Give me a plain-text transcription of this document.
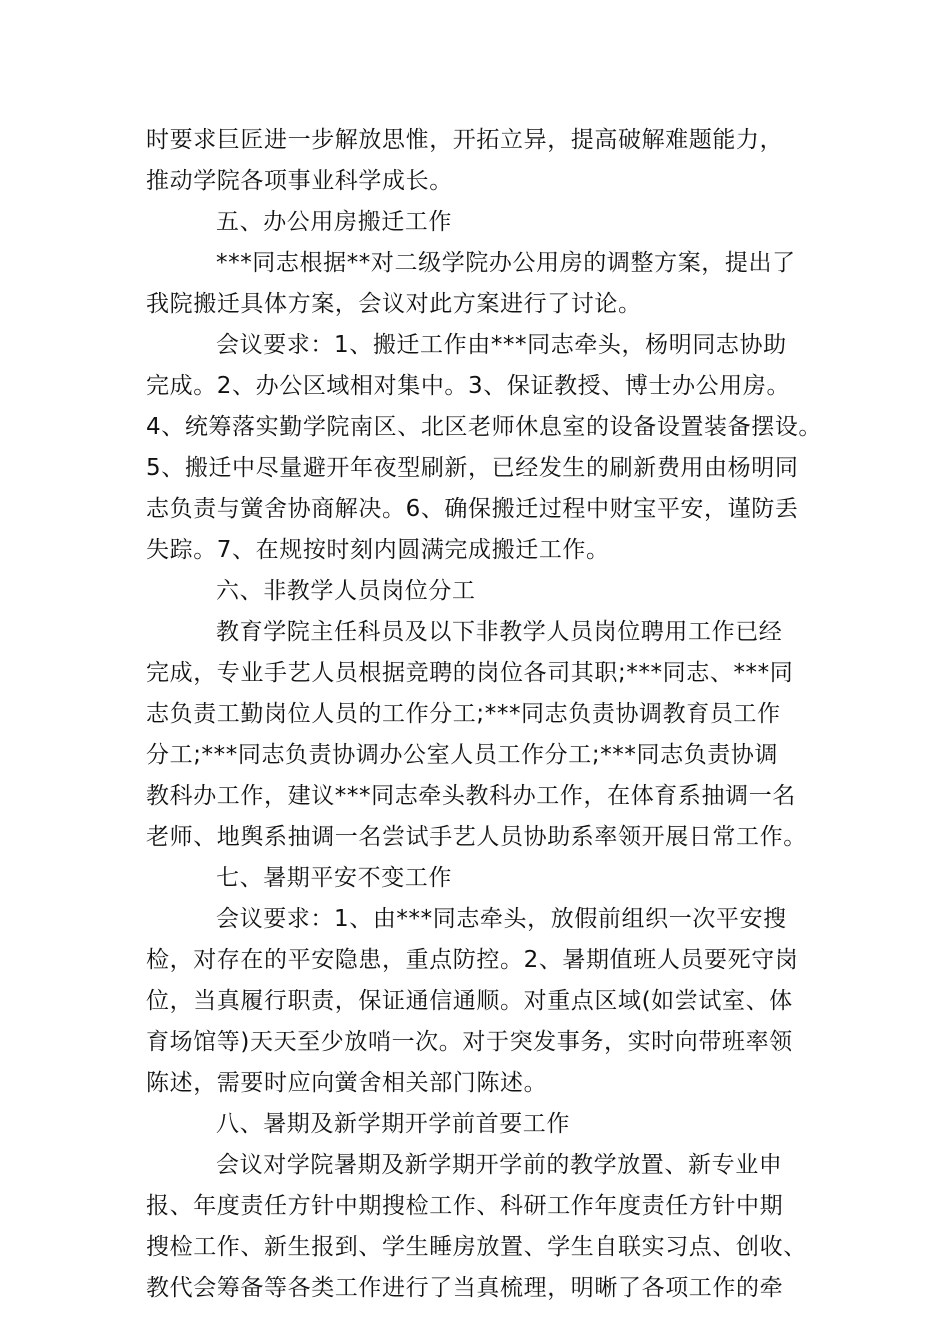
时要求巨匠进一步解放思惟，开拓立异，提高破解难题能力，
推动学院各项事业科学成长。
五、办公用房搬迁工作
***同志根据**对二级学院办公用房的调整方案，提出了
我院搬迁具体方案，会议对此方案进行了讨论。
会议要求：1、搬迁工作由***同志牵头，杨明同志协助
完成。2、办公区域相对集中。3、保证教授、博士办公用房。
4、统筹落实勤学院南区、北区老师休息室的设备设置装备摆设。
5、搬迁中尽量避开年夜型刷新，已经发生的刷新费用由杨明同
志负责与黉舍协商解决。6、确保搬迁过程中财宝平安，谨防丢
失踪。7、在规按时刻内圆满完成搬迁工作。
六、非教学人员岗位分工
教育学院主任科员及以下非教学人员岗位聘用工作已经
完成，专业手艺人员根据竞聘的岗位各司其职;***同志、***同
志负责工勤岗位人员的工作分工;***同志负责协调教育员工作
分工;***同志负责协调办公室人员工作分工;***同志负责协调
教科办工作，建议***同志牵头教科办工作，在体育系抽调一名
老师、地舆系抽调一名尝试手艺人员协助系率领开展日常工作。
七、暑期平安不变工作
会议要求：1、由***同志牵头，放假前组织一次平安搜
检，对存在的平安隐患，重点防控。2、暑期值班人员要死守岗
位，当真履行职责，保证通信通顺。对重点区域(如尝试室、体
育场馆等)天天至少放哨一次。对于突发事务，实时向带班率领
陈述，需要时应向黉舍相关部门陈述。
八、暑期及新学期开学前首要工作
会议对学院暑期及新学期开学前的教学放置、新专业申
报、年度责任方针中期搜检工作、科研工作年度责任方针中期
搜检工作、新生报到、学生睡房放置、学生自联实习点、创收、
教代会筹备等各类工作进行了当真梳理，明晰了各项工作的牵
